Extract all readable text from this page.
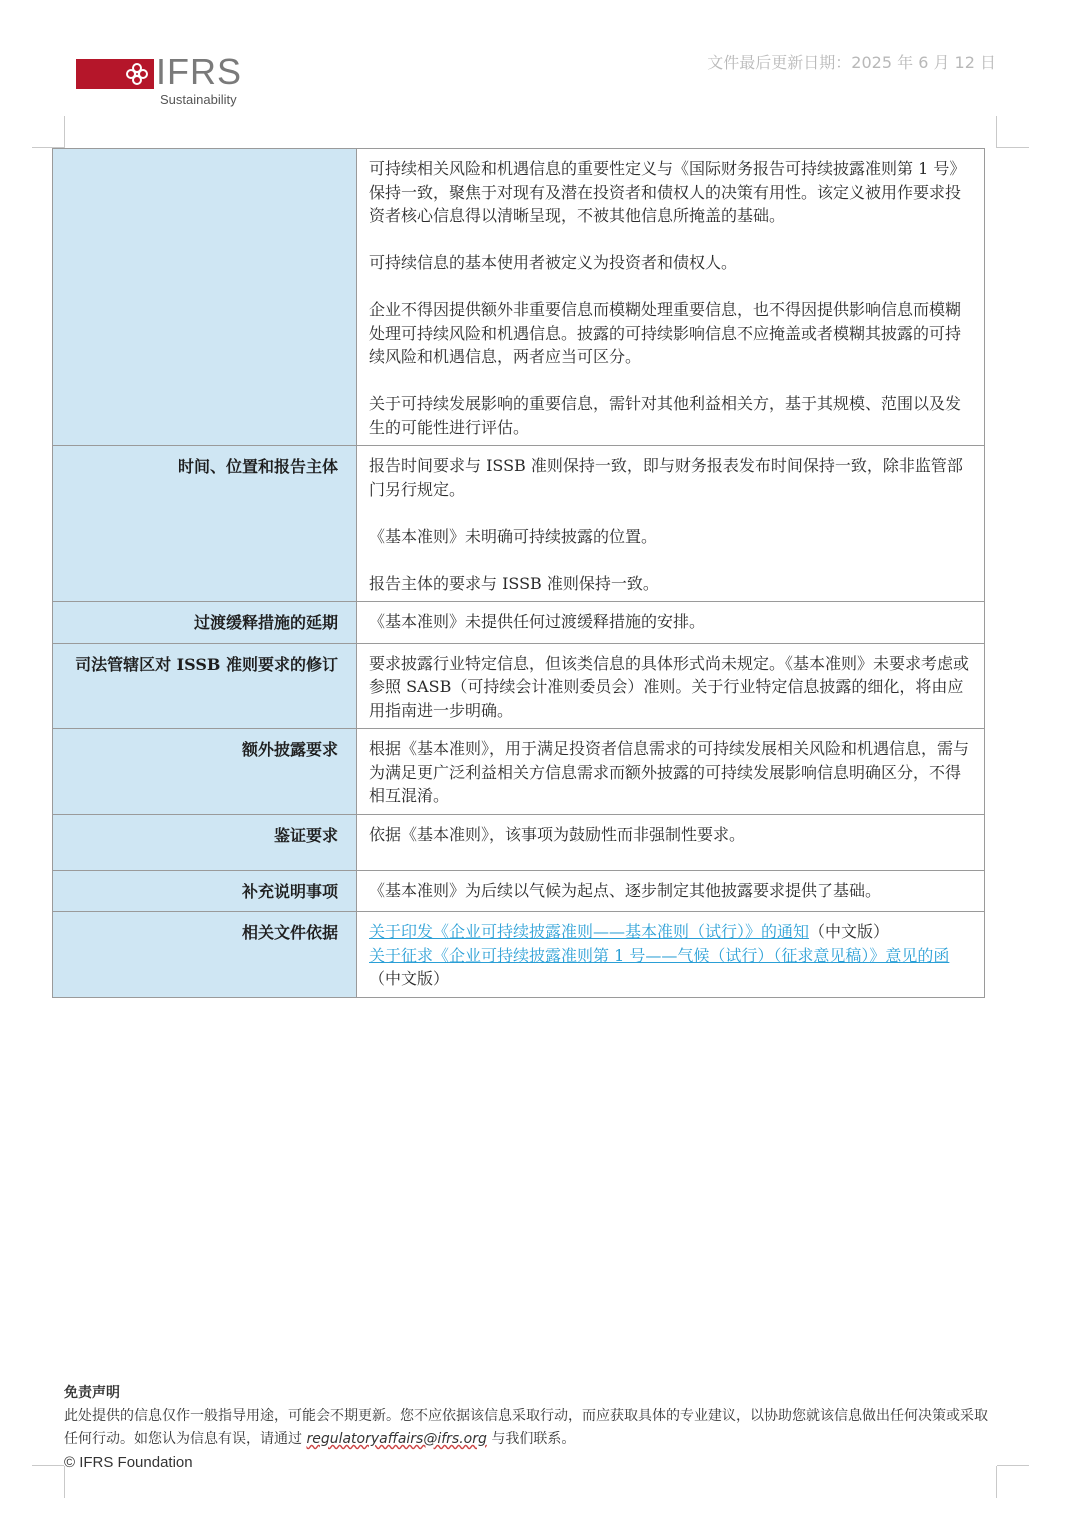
IFRS
Sustainability
文件最后更新日期：2025 年 6 月 12 日

	可持续相关风险和机遇信息的重要性定义与《国际财务报告可持续披露准则第 1 号》保持一致，聚焦于对现有及潜在投资者和债权人的决策有用性。该定义被用作要求投资者核心信息得以清晰呈现，不被其他信息所掩盖的基础。

可持续信息的基本使用者被定义为投资者和债权人。

企业不得因提供额外非重要信息而模糊处理重要信息，也不得因提供影响信息而模糊处理可持续风险和机遇信息。披露的可持续影响信息不应掩盖或者模糊其披露的可持续风险和机遇信息，两者应当可区分。

关于可持续发展影响的重要信息，需针对其他利益相关方，基于其规模、范围以及发生的可能性进行评估。

时间、位置和报告主体	报告时间要求与 ISSB 准则保持一致，即与财务报表发布时间保持一致，除非监管部门另行规定。

《基本准则》未明确可持续披露的位置。

报告主体的要求与 ISSB 准则保持一致。

过渡缓释措施的延期	《基本准则》未提供任何过渡缓释措施的安排。

司法管辖区对 ISSB 准则要求的修订	要求披露行业特定信息，但该类信息的具体形式尚未规定。《基本准则》未要求考虑或参照 SASB（可持续会计准则委员会）准则。关于行业特定信息披露的细化，将由应用指南进一步明确。

额外披露要求	根据《基本准则》，用于满足投资者信息需求的可持续发展相关风险和机遇信息，需与为满足更广泛利益相关方信息需求而额外披露的可持续发展影响信息明确区分，不得相互混淆。

鉴证要求	依据《基本准则》，该事项为鼓励性而非强制性要求。

补充说明事项	《基本准则》为后续以气候为起点、逐步制定其他披露要求提供了基础。

相关文件依据	关于印发《企业可持续披露准则——基本准则（试行）》的通知（中文版）

关于征求《企业可持续披露准则第 1 号——气候（试行）（征求意见稿）》意见的函（中文版）

免责声明
此处提供的信息仅作一般指导用途，可能会不期更新。您不应依据该信息采取行动，而应获取具体的专业建议，以协助您就该信息做出任何决策或采取任何行动。如您认为信息有误，请通过 regulatoryaffairs@ifrs.org 与我们联系。
© IFRS Foundation
